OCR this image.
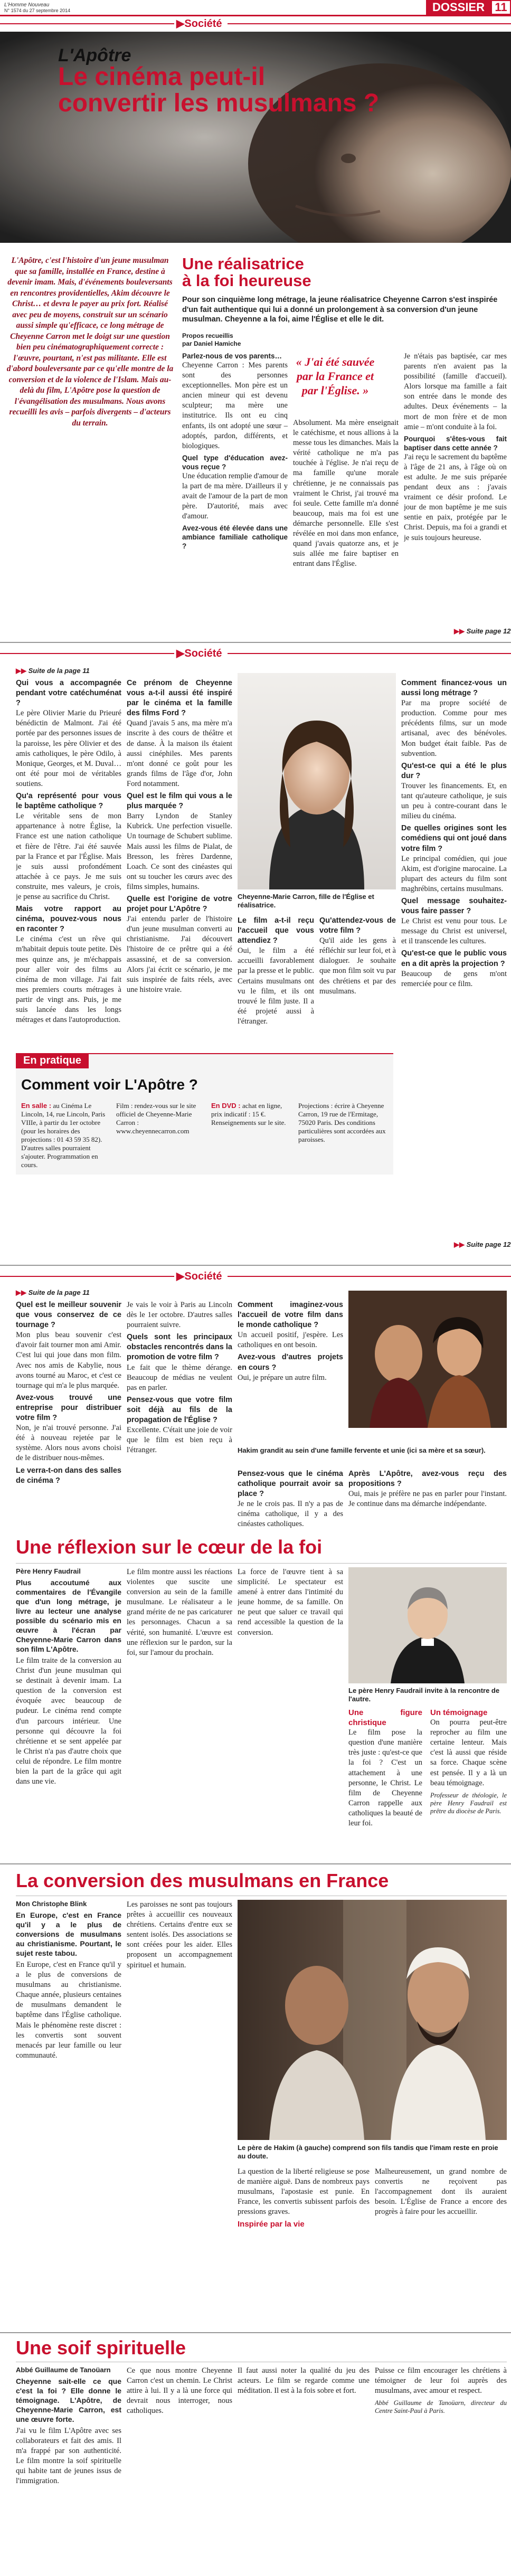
L'Homme Nouveau
N° 1574 du 27 septembre 2014	DOSSIER 11
▶Société
L'Apôtre
Le cinéma peut-il
convertir les musulmans ?
L'Apôtre, c'est l'histoire d'un jeune musulman que sa famille, installée en France, destine à devenir imam. Mais, d'événements bouleversants en rencontres providentielles, Akim découvre le Christ… et devra le payer au prix fort. Réalisé avec peu de moyens, construit sur un scénario aussi simple qu'efficace, ce long métrage de Cheyenne Carron met le doigt sur une question bien peu cinématographiquement correcte : l'œuvre, pourtant, n'est pas militante. Elle est d'abord bouleversante par ce qu'elle montre de la conversion et de la violence de l'Islam. Mais au-delà du film, L'Apôtre pose la question de l'évangélisation des musulmans. Nous avons recueilli les avis – parfois divergents – d'acteurs du terrain.
Une réalisatrice
à la foi heureuse
Pour son cinquième long métrage, la jeune réalisatrice Cheyenne Carron s'est inspirée d'un fait authentique qui lui a donné un prolongement à sa conversion d'un jeune musulman. Cheyenne a la foi, aime l'Église et elle le dit.
Propos recueillis
par Daniel Hamiche

Parlez-nous de vos parents…

Cheyenne Carron : Mes parents sont des personnes exceptionnelles. Mon père est un ancien mineur qui est devenu sculpteur; ma mère une institutrice. Ils ont eu cinq enfants, ils ont adopté une sœur – adoptés, pardon, différents, et biologiques.

Quel type d'éducation avez-vous reçue ?

Une éducation remplie d'amour de la part de ma mère. D'ailleurs il y avait de l'amour de la part de mon père. D'autorité, mais avec d'amour.

Avez-vous été élevée dans une ambiance familiale catholique ?

« J'ai été sauvée par la France et par l'Église. »

Absolument. Ma mère enseignait le catéchisme, et nous allions à la messe tous les dimanches. Mais la vérité catholique ne m'a pas touchée à l'église. Je n'ai reçu de ma famille qu'une morale chrétienne, je ne connaissais pas vraiment le Christ, j'ai trouvé ma foi seule. Cette famille m'a donné beaucoup, mais ma foi est une démarche personnelle. Elle s'est révélée en moi dans mon enfance, quand j'avais quatorze ans, et je suis allée me faire baptiser en entrant dans l'Église.

Je n'étais pas baptisée, car mes parents n'en avaient pas la possibilité (famille d'accueil). Alors lorsque ma famille a fait son entrée dans le monde des adultes. Deux événements – la mort de mon frère et de mon amie – m'ont conduite à la foi.

Pourquoi s'êtes-vous fait baptiser dans cette année ?

J'ai reçu le sacrement du baptême à l'âge de 21 ans, à l'âge où on est adulte. Je me suis préparée pendant deux ans : j'avais vraiment ce désir profond. Le jour de mon baptême je me suis sentie en paix, protégée par le Christ. Depuis, ma foi a grandi et je suis toujours heureuse.

▶▶ Suite page 12
▶Société
▶▶ Suite de la page 11

Qui vous a accompagnée pendant votre catéchuménat ?

Le père Olivier Marie du Prieuré bénédictin de Malmont. J'ai été portée par des personnes issues de la paroisse, les père Olivier et des amis catholiques, le père Odilo, à Monique, Georges, et M. Duval… ont été pour moi de véritables soutiens.

Qu'a représenté pour vous le baptême catholique ?

Le véritable sens de mon appartenance à notre Église, la France est une nation catholique et fière de l'être. J'ai été sauvée par la France et par l'Église. Mais je suis aussi profondément attachée à ce pays. Je me suis construite, mes valeurs, je crois, je pense au sacrifice du Christ.

Mais votre rapport au cinéma, pouvez-vous nous en raconter ?

Le cinéma c'est un rêve qui m'habitait depuis toute petite. Dès mes quinze ans, je m'échappais pour aller voir des films au cinéma de mon village. J'ai fait mes premiers courts métrages à partir de vingt ans. Puis, je me suis lancée dans les longs métrages et dans l'autoproduction.

Ce prénom de Cheyenne vous a-t-il aussi été inspiré par le cinéma et la famille des films Ford ?

Quand j'avais 5 ans, ma mère m'a inscrite à des cours de théâtre et de danse. À la maison ils étaient aussi cinéphiles. Mes parents m'ont donné ce goût pour les grands films de l'âge d'or, John Ford notamment.

Quel est le film qui vous a le plus marquée ?

Barry Lyndon de Stanley Kubrick. Une perfection visuelle. Un tournage de Schubert sublime. Mais aussi les films de Pialat, de Bresson, les frères Dardenne, Loach. Ce sont des cinéastes qui ont su toucher les cœurs avec des films simples, humains.

Quelle est l'origine de votre projet pour L'Apôtre ?

J'ai entendu parler de l'histoire d'un jeune musulman converti au christianisme. J'ai découvert l'histoire de ce prêtre qui a été assassiné, et de sa conversion. Alors j'ai écrit ce scénario, je me suis inspirée de faits réels, avec une histoire vraie.

Cheyenne-Marie Carron, fille de l'Église et réalisatrice.

Le film a-t-il reçu l'accueil que vous attendiez ?

Oui, le film a été accueilli favorablement par la presse et le public. Certains musulmans ont vu le film, et ils ont trouvé le film juste. Il a été projeté aussi à l'étranger.

Qu'attendez-vous de votre film ?

Qu'il aide les gens à réfléchir sur leur foi, et à dialoguer. Je souhaite que mon film soit vu par des chrétiens et par des musulmans.

Comment financez-vous un aussi long métrage ?

Par ma propre société de production. Comme pour mes précédents films, sur un mode artisanal, avec des bénévoles. Mon budget était faible. Pas de subvention.

Qu'est-ce qui a été le plus dur ?

Trouver les financements. Et, en tant qu'auteure catholique, je suis un peu à contre-courant dans le milieu du cinéma.

De quelles origines sont les comédiens qui ont joué dans votre film ?

Le principal comédien, qui joue Akim, est d'origine marocaine. La plupart des acteurs du film sont maghrébins, certains musulmans.

Quel message souhaitez-vous faire passer ?

Le Christ est venu pour tous. Le message du Christ est universel, et il transcende les cultures.

Qu'est-ce que le public vous en a dit après la projection ?

Beaucoup de gens m'ont remerciée pour ce film.

En pratique
Comment voir L'Apôtre ?
En salle : au Cinéma Le Lincoln, 14, rue Lincoln, Paris VIIIe, à partir du 1er octobre (pour les horaires des projections : 01 43 59 35 82). D'autres salles pourraient s'ajouter. Programmation en cours.
Film : rendez-vous sur le site officiel de Cheyenne-Marie Carron : www.cheyennecarron.com
En DVD : achat en ligne, prix indicatif : 15 €. Renseignements sur le site.
Projections : écrire à Cheyenne Carron, 19 rue de l'Ermitage, 75020 Paris. Des conditions particulières sont accordées aux paroisses.
▶▶ Suite page 12
▶Société
▶▶ Suite de la page 11

Quel est le meilleur souvenir que vous conservez de ce tournage ?

Mon plus beau souvenir c'est d'avoir fait tourner mon ami Amir. C'est lui qui joue dans mon film. Avec nos amis de Kabylie, nous avons tourné au Maroc, et c'est ce tournage qui m'a le plus marquée.

Avez-vous trouvé une entreprise pour distribuer votre film ?

Non, je n'ai trouvé personne. J'ai été à nouveau rejetée par le système. Alors nous avons choisi de le distribuer nous-mêmes.

Le verra-t-on dans des salles de cinéma ?

Je vais le voir à Paris au Lincoln dès le 1er octobre. D'autres salles pourraient suivre.

Quels sont les principaux obstacles rencontrés dans la promotion de votre film ?

Le fait que le thème dérange. Beaucoup de médias ne veulent pas en parler.

Pensez-vous que votre film soit déjà au fils de la propagation de l'Église ?

Excellente. C'était une joie de voir que le film est bien reçu à l'étranger.

Comment imaginez-vous l'accueil de votre film dans le monde catholique ?

Un accueil positif, j'espère. Les catholiques en ont besoin.

Avez-vous d'autres projets en cours ?

Oui, je prépare un autre film.

Hakim grandit au sein d'une famille fervente et unie (ici sa mère et sa sœur).

Pensez-vous que le cinéma catholique pourrait avoir sa place ?

Je ne le crois pas. Il n'y a pas de cinéma catholique, il y a des cinéastes catholiques.

Après L'Apôtre, avez-vous reçu des propositions ?

Oui, mais je préfère ne pas en parler pour l'instant. Je continue dans ma démarche indépendante.

Une réflexion sur le cœur de la foi
Père Henry Faudrail

Plus accoutumé aux commentaires de l'Évangile que d'un long métrage, je livre au lecteur une analyse possible du scénario mis en œuvre à l'écran par Cheyenne-Marie Carron dans son film L'Apôtre.

Le film traite de la conversion au Christ d'un jeune musulman qui se destinait à devenir imam. La question de la conversion est évoquée avec beaucoup de pudeur. Le cinéma rend compte d'un parcours intérieur. Une personne qui découvre la foi chrétienne et se sent appelée par le Christ n'a pas d'autre choix que celui de répondre. Le film montre bien la part de la grâce qui agit dans une vie.

Le film montre aussi les réactions violentes que suscite une conversion au sein de la famille musulmane. Le réalisateur a le grand mérite de ne pas caricaturer les personnages. Chacun a sa vérité, son humanité. L'œuvre est une réflexion sur le pardon, sur la foi, sur l'amour du prochain.

La force de l'œuvre tient à sa simplicité. Le spectateur est amené à entrer dans l'intimité du jeune homme, de sa famille. On ne peut que saluer ce travail qui rend accessible la question de la conversion.

Le père Henry Faudrail invite à la rencontre de l'autre.

Une figure christique

Le film pose la question d'une manière très juste : qu'est-ce que la foi ? C'est un attachement à une personne, le Christ. Le film de Cheyenne Carron rappelle aux catholiques la beauté de leur foi.

Un témoignage

On pourra peut-être reprocher au film une certaine lenteur. Mais c'est là aussi que réside sa force. Chaque scène est pensée. Il y a là un beau témoignage.

Professeur de théologie, le père Henry Faudrail est prêtre du diocèse de Paris.

La conversion des musulmans en France
Mon Christophe Blink

En Europe, c'est en France qu'il y a le plus de conversions de musulmans au christianisme. Pourtant, le sujet reste tabou.

En Europe, c'est en France qu'il y a le plus de conversions de musulmans au christianisme. Chaque année, plusieurs centaines de musulmans demandent le baptême dans l'Église catholique. Mais le phénomène reste discret : les convertis sont souvent menacés par leur famille ou leur communauté.

Les paroisses ne sont pas toujours prêtes à accueillir ces nouveaux chrétiens. Certains d'entre eux se sentent isolés. Des associations se sont créées pour les aider. Elles proposent un accompagnement spirituel et humain.

Le père de Hakim (à gauche) comprend son fils tandis que l'imam reste en proie au doute.

La question de la liberté religieuse se pose de manière aiguë. Dans de nombreux pays musulmans, l'apostasie est punie. En France, les convertis subissent parfois des pressions graves.

Inspirée par la vie

Malheureusement, un grand nombre de convertis ne reçoivent pas l'accompagnement dont ils auraient besoin. L'Église de France a encore des progrès à faire pour les accueillir.

Une soif spirituelle
Abbé Guillaume de Tanoüarn

Cheyenne sait-elle ce que c'est la foi ? Elle donne le témoignage. L'Apôtre, de Cheyenne-Marie Carron, est une œuvre forte.

J'ai vu le film L'Apôtre avec ses collaborateurs et fait des amis. Il m'a frappé par son authenticité. Le film montre la soif spirituelle qui habite tant de jeunes issus de l'immigration.

Ce que nous montre Cheyenne Carron c'est un chemin. Le Christ attire à lui. Il y a là une force qui devrait nous interroger, nous catholiques.

Il faut aussi noter la qualité du jeu des acteurs. Le film se regarde comme une méditation. Il est à la fois sobre et fort.

Puisse ce film encourager les chrétiens à témoigner de leur foi auprès des musulmans, avec amour et respect.

Abbé Guillaume de Tanoüarn, directeur du Centre Saint-Paul à Paris.
